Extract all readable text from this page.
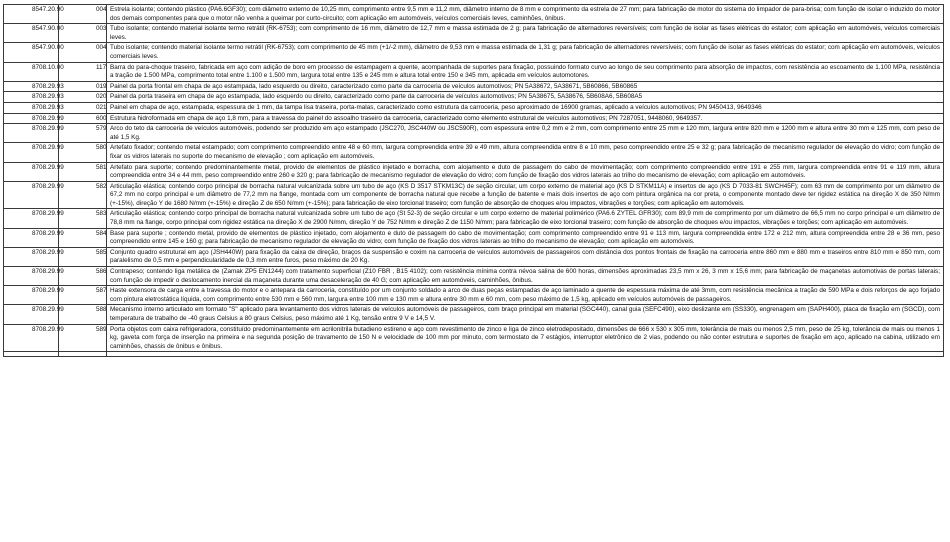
8547.20.90	004	Estrela isolante; contendo plástico (PA6.6GF30); com diâmetro externo de 10,25 mm, comprimento entre 9,5 mm e 11,2 mm, diâmetro interno de 8 mm e comprimento da estrela de 27 mm; para fabricação de motor do sistema do limpador de para-brisa; com função de isolar o induzido do motor dos demais componentes para que o motor não venha a queimar por curto-circuito; com aplicação em automóveis, veículos comerciais leves, caminhões, ônibus.
8547.90.00	003	Tubo isolante; contendo material isolante termo retrátil (RK-6753); com comprimento de 16 mm, diâmetro de 12,7 mm e massa estimada de 2 g; para fabricação de alternadores reversíveis; com função de isolar as fases elétricas do estator; com aplicação em automóveis, veículos comerciais leves.
8547.90.00	004	Tubo isolante; contendo material isolante termo retrátil (RK-6753); com comprimento de 45 mm (+1/-2 mm), diâmetro de 9,53 mm e massa estimada de 1,31 g; para fabricação de alternadores reversíveis; com função de isolar as fases elétricas do estator; com aplicação em automóveis, veículos comerciais leves.
8708.10.00	117	Barra do para-choque traseiro, fabricada em aço com adição de boro em processo de estampagem a quente, acompanhada de suportes para fixação, possuindo formato curvo ao longo de seu comprimento para absorção de impactos, com resistência ao escoamento de 1.100 MPa, resistência a tração de 1.500 MPa, comprimento total entre 1.100 e 1.500 mm, largura total entre 135 e 245 mm e altura total entre 150 e 345 mm, aplicada em veículos automotores.
8708.29.93	019	Painel da porta frontal em chapa de aço estampada, lado esquerdo ou direito, caracterizado como parte da carroceria de veículos automotivos; PN 5A38672, 5A38671, 5B60866, 5B60865
8708.29.93	020	Painel da porta traseira em chapa de aço estampada, lado esquerdo ou direito, caracterizado como parte da carroceria de veículos automotivos; PN 5A38675, 5A38676, 5B608A6, 5B608A5
8708.29.93	021	Painel em chapa de aço, estampada, espessura de 1 mm, da tampa lisa traseira, porta-malas, caracterizado como estrutura da carroceria, peso aproximado de 16900 gramas, aplicado a veículos automotivos; PN 9450413, 9649346
8708.29.99	600	Estrutura hidroformada em chapa de aço 1,8 mm, para a travessa do painel do assoalho traseiro da carroceria, caracterizado como elemento estrutural de veículos automotivos; PN 7287051, 9448060, 9649357.
8708.29.99	579	Arco do teto da carroceria de veículos automóveis, podendo ser produzido em aço estampado (JSC270, JSC440W ou JSC590R), com espessura entre 0,2 mm e 2 mm, com comprimento entre 25 mm e 120 mm, largura entre 820 mm e 1200 mm e altura entre 30 mm e 125 mm, com peso de até 1,5 Kg.
8708.29.99	580	Artefato fixador; contendo metal estampado; com comprimento compreendido entre 48 e 60 mm, largura compreendida entre 39 e 49 mm, altura compreendida entre 8 e 10 mm, peso compreendido entre 25 e 32 g; para fabricação de mecanismo regulador de elevação do vidro; com função de fixar os vidros laterais no suporte do mecanismo de elevação ; com aplicação em automóveis.
8708.29.99	581	Artefato para suporte; contendo predominantemente metal, provido de elementos de plástico injetado e borracha, com alojamento e duto de passagem do cabo de movimentação; com comprimento compreendido entre 191 e 255 mm, largura compreendida entre 91 e 119 mm, altura compreendida entre 34 e 44 mm, peso compreendido entre 260 e 320 g; para fabricação de mecanismo regulador de elevação do vidro; com função de fixação dos vidros laterais ao trilho do mecanismo de elevação; com aplicação em automóveis.
8708.29.99	582	Articulação elástica; contendo corpo principal de borracha natural vulcanizada sobre um tubo de aço (KS D 3517 STKM13C) de seção circular, um corpo externo de material aço (KS D STKM11A) e insertos de aço (KS D 7033-81 SWCH45F); com 63 mm de comprimento por um diâmetro de 67,2 mm no corpo principal e um diâmetro de 77,2 mm na flange, montada com um componente de borracha natural que recebe a função de batente e mais dois insertos de aço com pintura orgânica na cor preta, o componente montado deve ter rigidez estática na direção X de 350 N/mm (+-15%), direção Y de 1680 N/mm (+-15%) e direção Z de 650 N/mm (+-15%); para fabricação de eixo torcional traseiro; com função de absorção de choques e/ou impactos, vibrações e torções; com aplicação em automóveis.
8708.29.99	583	Articulação elástica; contendo corpo principal de borracha natural vulcanizada sobre um tubo de aço (St 52-3) de seção circular e um corpo externo de material polimérico (PA6.6 ZYTEL GFR30); com 89,9 mm de comprimento por um diâmetro de 66,5 mm no corpo principal e um diâmetro de 78,8 mm na flange, corpo principal com rigidez estática na direção X de 2900 N/mm, direção Y de 752 N/mm e direção Z de 1150 N/mm; para fabricação de eixo torcional traseiro; com função de absorção de choques e/ou impactos, vibrações e torções; com aplicação em automóveis.
8708.29.99	584	Base para suporte ; contendo metal, provido de elementos de plástico injetado, com alojamento e duto de passagem do cabo de movimentação; com comprimento compreendido entre 91 e 113 mm, largura compreendida entre 172 e 212 mm, altura compreendida entre 28 e 36 mm, peso compreendido entre 145 e 160 g; para fabricação de mecanismo regulador de elevação do vidro; com função de fixação dos vidros laterais ao trilho do mecanismo de elevação; com aplicação em automóveis.
8708.29.99	585	Conjunto quadro estrutural em aço (JSH440W) para fixação da caixa de direção, braços da suspensão e coxim na carroceria de veículos automóveis de passageiros com distância dos pontos frontais de fixação na carroceria entre 860 mm e 880 mm e traseiros entre 810 mm e 850 mm, com paralelismo de 0,5 mm e perpendicularidade de 0,3 mm entre furos, peso máximo de 20 Kg.
8708.29.99	586	Contrapeso; contendo liga metálica de (Zamak ZP5 EN1244) com tratamento superficial (Z10 FBR , B15 4102); com resistência mínima contra névoa salina de 600 horas, dimensões aproximadas 23,5 mm x 26, 3 mm x 15,6 mm; para fabricação de maçanetas automotivas de portas laterais; com função de impedir o deslocamento inercial da maçaneta durante uma desaceleração de 40 G; com aplicação em automóveis, caminhões, ônibus.
8708.29.99	587	Haste extensora de carga entre a travessa do motor e o antepara da carroceria, constituído por um conjunto soldado a arco de duas peças estampadas de aço laminado a quente de espessura máxima de até 3mm, com resistência mecânica a tração de 590 MPa e dois reforços de aço forjado com pintura eletrostática líquida, com comprimento entre 530 mm e 560 mm, largura entre 100 mm e 130 mm e altura entre 30 mm e 60 mm, com peso máximo de 1,5 kg, aplicado em veículos automóveis de passageiros.
8708.29.99	588	Mecanismo interno articulado em formato "S" aplicado para levantamento dos vidros laterais de veículos automóveis de passageiros, com braço principal em material (SGC440), canal guia (SEFC490), eixo deslizante em (SS330), engrenagem em (SAPH400), placa de fixação em (SGCD), com temperatura de trabalho de -40 graus Celsius a 80 graus Celsius, peso máximo até 1 Kg, tensão entre 9 V e 14,5 V.
8708.29.99	589	Porta objetos com caixa refrigeradora, constituído predominantemente em acrilonitrila butadieno estireno e aço com revestimento de zinco e liga de zinco eletrodepositado, dimensões de 666 x 530 x 305 mm, tolerância de mais ou menos 2,5 mm, peso de 25 kg, tolerância de mais ou menos 1 kg, gaveta com força de inserção na primeira e na segunda posição de travamento de 150 N e velocidade de 100 mm por minuto, com termostato de 7 estágios, interruptor eletrônico de 2 vias, podendo ou não conter estrutura e suportes de fixação em aço, aplicado na cabina, utilizado em caminhões, chassis de ônibus e ônibus.
